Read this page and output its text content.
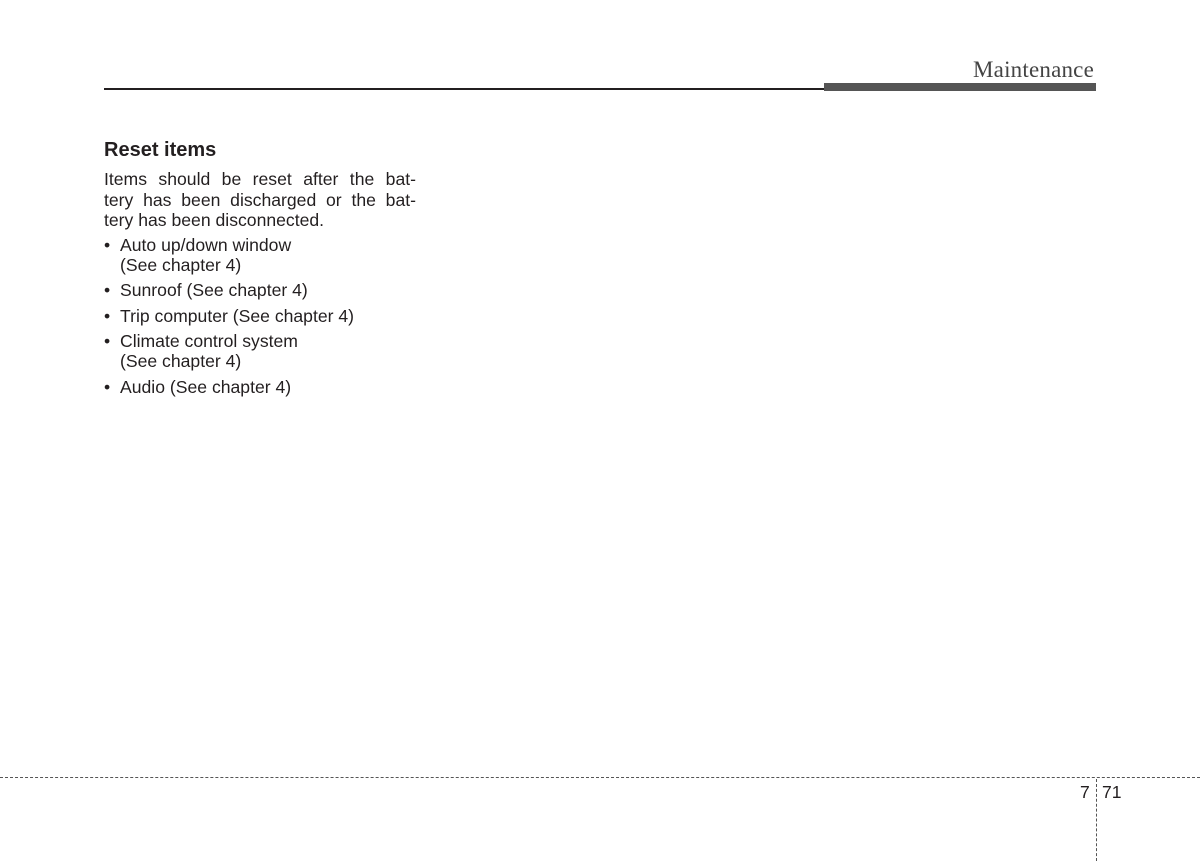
Maintenance
Reset items

Items should be reset after the bat-
tery has been discharged or the bat-
tery has been disconnected.

• Auto up/down window
(See chapter 4)
• Sunroof (See chapter 4)
• Trip computer (See chapter 4)
• Climate control system
(See chapter 4)
• Audio (See chapter 4)
7 71
